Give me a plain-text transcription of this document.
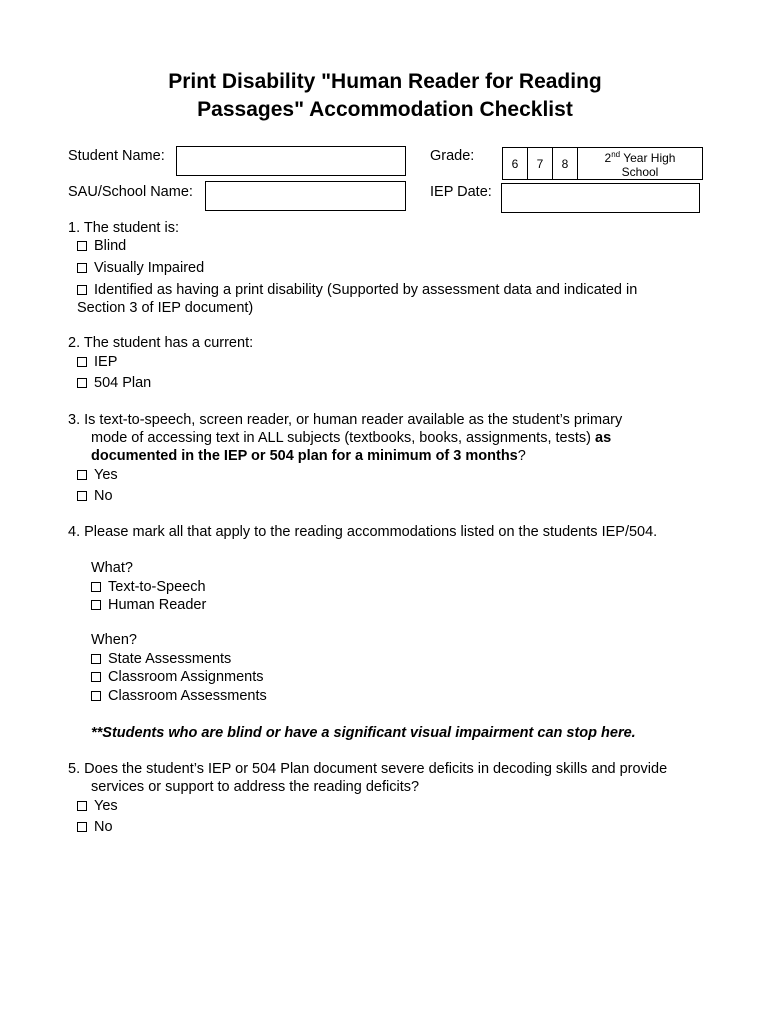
Print Disability "Human Reader for Reading
Passages" Accommodation Checklist
Student Name:	Grade:	6	7	8	2nd Year High
School
SAU/School Name:	IEP Date:
1. The student is:
Blind
Visually Impaired
Identified as having a print disability (Supported by assessment data and indicated in
Section 3 of IEP document)
2. The student has a current:
IEP
504 Plan
3. Is text-to-speech, screen reader, or human reader available as the student’s primary
mode of accessing text in ALL subjects (textbooks, books, assignments, tests) as
documented in the IEP or 504 plan for a minimum of 3 months?
Yes
No
4. Please mark all that apply to the reading accommodations listed on the students IEP/504.
What?
Text-to-Speech
Human Reader
When?
State Assessments
Classroom Assignments
Classroom Assessments
**Students who are blind or have a significant visual impairment can stop here.
5. Does the student’s IEP or 504 Plan document severe deficits in decoding skills and provide
services or support to address the reading deficits?
Yes
No
